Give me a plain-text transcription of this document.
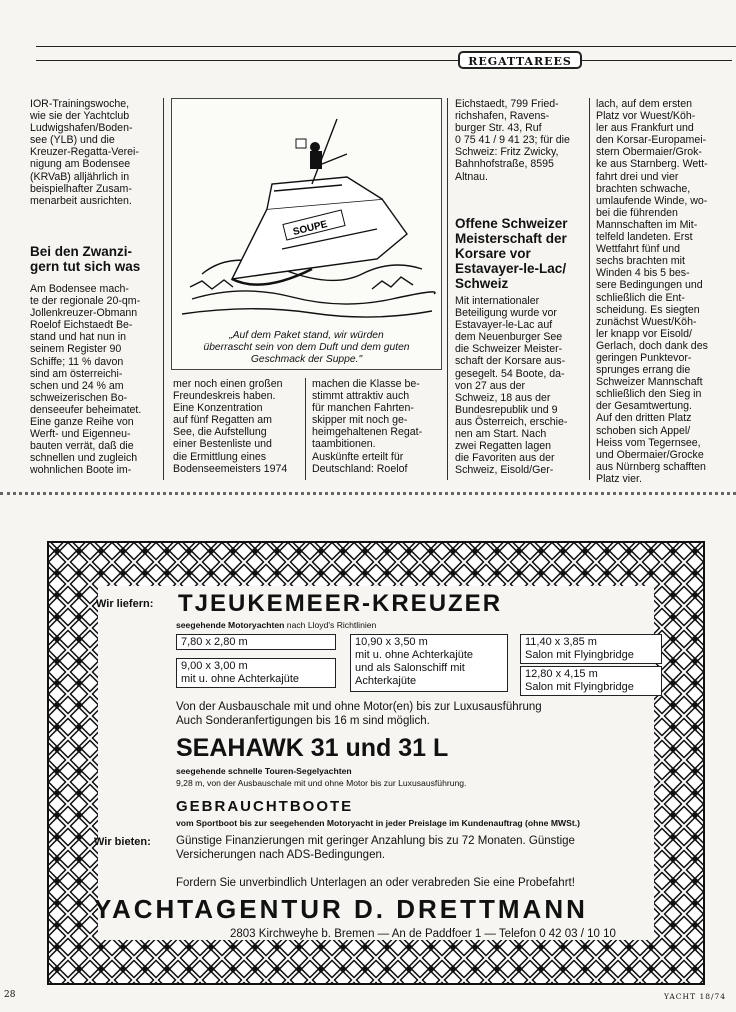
REGATTAREES
IOR-Trainingswoche,
wie sie der Yachtclub
Ludwigshafen/Boden-
see (YLB) und die
Kreuzer-Regatta-Verei-
nigung am Bodensee
(KRVaB) alljährlich in
beispielhafter Zusam-
menarbeit ausrichten.
Bei den Zwanzi-
gern tut sich was
Am Bodensee mach-
te der regionale 20-qm-
Jollenkreuzer-Obmann
Roelof Eichstaedt Be-
stand und hat nun in
seinem Register 90
Schiffe; 11 % davon
sind am österreichi-
schen und 24 % am
schweizerischen Bo-
denseeufer beheimatet.
Eine ganze Reihe von
Werft- und Eigenneu-
bauten verrät, daß die
schnellen und zugleich
wohnlichen Boote im-
SOUPE
„Auf dem Paket stand, wir würden
überrascht sein von dem Duft und dem guten
Geschmack der Suppe."
mer noch einen großen
Freundeskreis haben.
Eine Konzentration
auf fünf Regatten am
See, die Aufstellung
einer Bestenliste und
die Ermittlung eines
Bodenseemeisters 1974
machen die Klasse be-
stimmt attraktiv auch
für manchen Fahrten-
skipper mit noch ge-
heimgehaltenen Regat-
taambitionen.
Auskünfte erteilt für
Deutschland: Roelof
Eichstaedt, 799 Fried-
richshafen, Ravens-
burger Str. 43, Ruf
0 75 41 / 9 41 23; für die
Schweiz: Fritz Zwicky,
Bahnhofstraße, 8595
Altnau.
Offene Schweizer
Meisterschaft der
Korsare vor
Estavayer-le-Lac/
Schweiz
Mit internationaler
Beteiligung wurde vor
Estavayer-le-Lac auf
dem Neuenburger See
die Schweizer Meister-
schaft der Korsare aus-
gesegelt. 54 Boote, da-
von 27 aus der
Schweiz, 18 aus der
Bundesrepublik und 9
aus Österreich, erschie-
nen am Start. Nach
zwei Regatten lagen
die Favoriten aus der
Schweiz, Eisold/Ger-
lach, auf dem ersten
Platz vor Wuest/Köh-
ler aus Frankfurt und
den Korsar-Europamei-
stern Obermaier/Grok-
ke aus Starnberg. Wett-
fahrt drei und vier
brachten schwache,
umlaufende Winde, wo-
bei die führenden
Mannschaften im Mit-
telfeld landeten. Erst
Wettfahrt fünf und
sechs brachten mit
Winden 4 bis 5 bes-
sere Bedingungen und
schließlich die Ent-
scheidung. Es siegten
zunächst Wuest/Köh-
ler knapp vor Eisold/
Gerlach, doch dank des
geringen Punktevor-
sprunges errang die
Schweizer Mannschaft
schließlich den Sieg in
der Gesamtwertung.
Auf den dritten Platz
schoben sich Appel/
Heiss vom Tegernsee,
und Obermaier/Grocke
aus Nürnberg schafften
Platz vier.
Wir liefern: TJEUKEMEER-KREUZER
seegehende Motoryachten nach Lloyd's Richtlinien
7,80 x 2,80 m
9,00 x 3,00 m
mit u. ohne Achterkajüte
10,90 x 3,50 m
mit u. ohne Achterkajüte
und als Salonschiff mit
Achterkajüte
11,40 x 3,85 m
Salon mit Flyingbridge
12,80 x 4,15 m
Salon mit Flyingbridge
Von der Ausbauschale mit und ohne Motor(en) bis zur Luxusausführung
Auch Sonderanfertigungen bis 16 m sind möglich.
SEAHAWK 31 und 31 L
seegehende schnelle Touren-Segelyachten
9,28 m, von der Ausbauschale mit und ohne Motor bis zur Luxusausführung.
GEBRAUCHTBOOTE
vom Sportboot bis zur seegehenden Motoryacht in jeder Preislage im Kundenauftrag (ohne MWSt.)
Wir bieten: Günstige Finanzierungen mit geringer Anzahlung bis zu 72 Monaten. Günstige
Versicherungen nach ADS-Bedingungen.
Fordern Sie unverbindlich Unterlagen an oder verabreden Sie eine Probefahrt!
YACHTAGENTUR D. DRETTMANN
2803 Kirchweyhe b. Bremen — An de Paddfoer 1 — Telefon 0 42 03 / 10 10
28	YACHT 18/74
